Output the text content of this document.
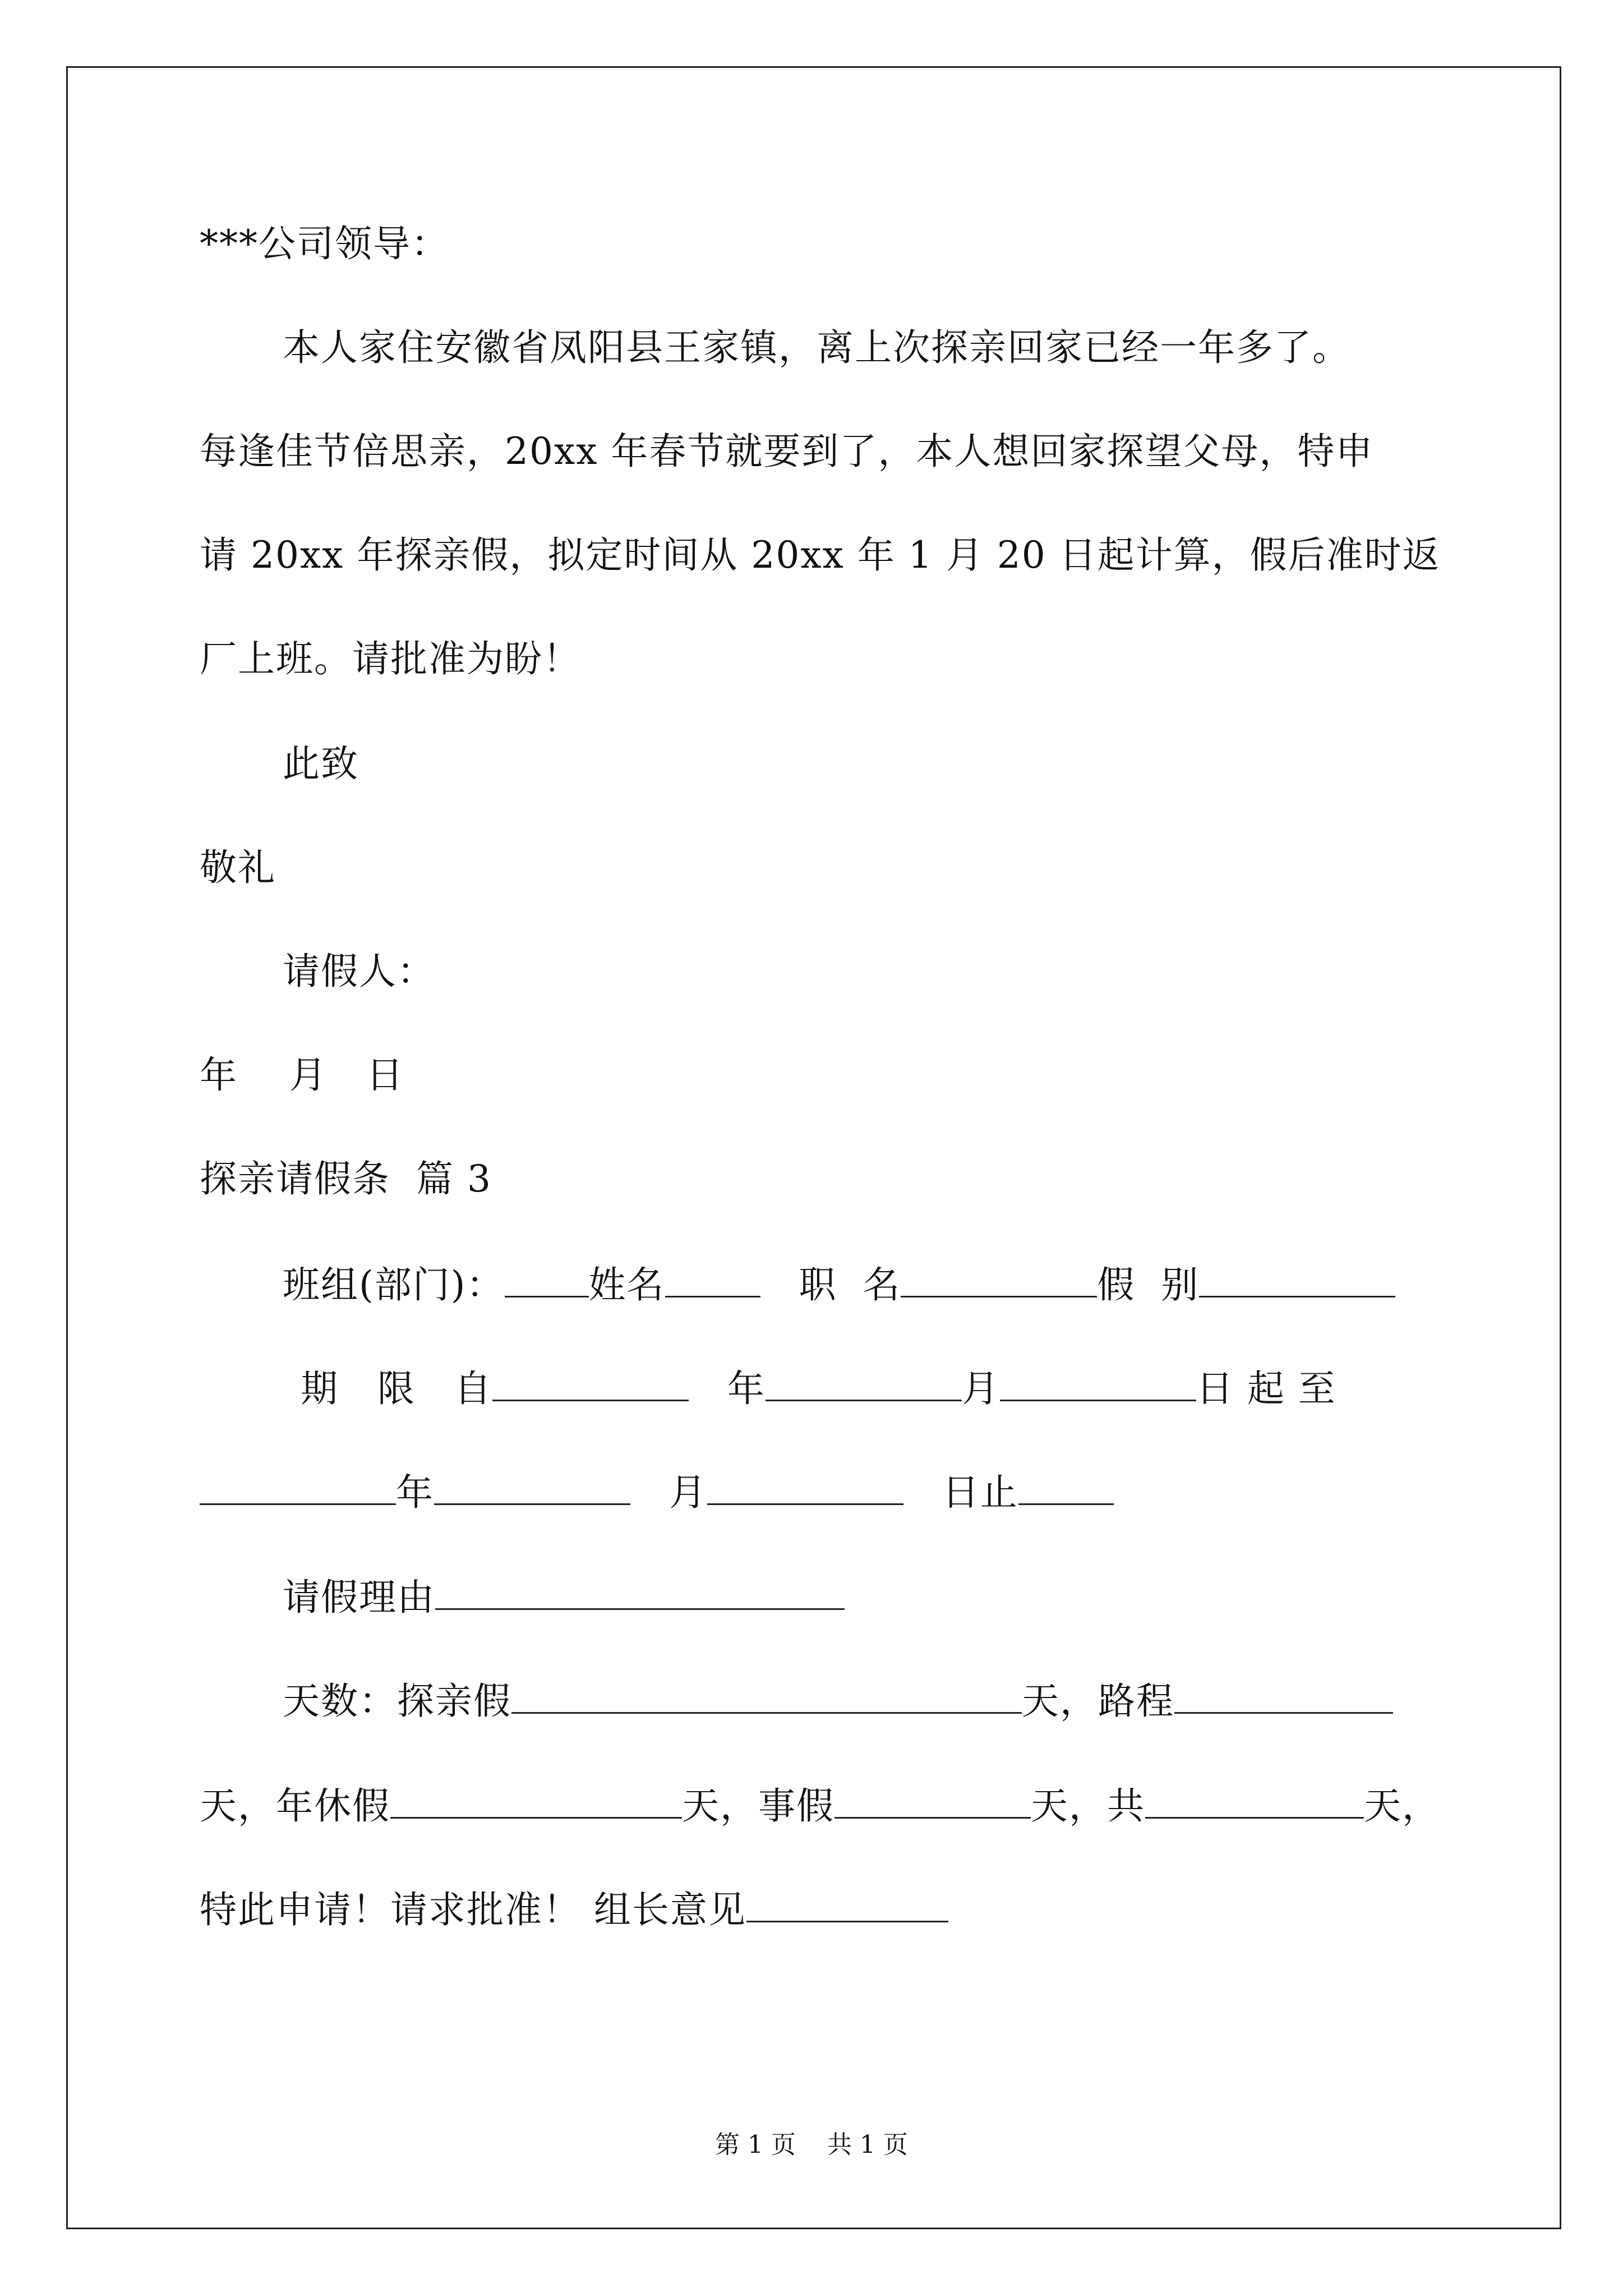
***公司领导：
本人家住安徽省凤阳县王家镇，离上次探亲回家已经一年多了。
每逢佳节倍思亲，20xx 年春节就要到了，本人想回家探望父母，特申
请 20xx 年探亲假，拟定时间从 20xx 年 1 月 20 日起计算，假后准时返
厂上班。请批准为盼！
此致
敬礼
请假人：
年    月   日
探亲请假条  篇 3
班组(部门)： 姓名	职  名	假  别
期   限   自	年	月	日 起 至
年	月	日止
请假理由
天数：探亲假	天，路程
天，年休假	天，事假	天，共	天，
特此申请！请求批准！ 组长意见
第 1 页    共 1 页
